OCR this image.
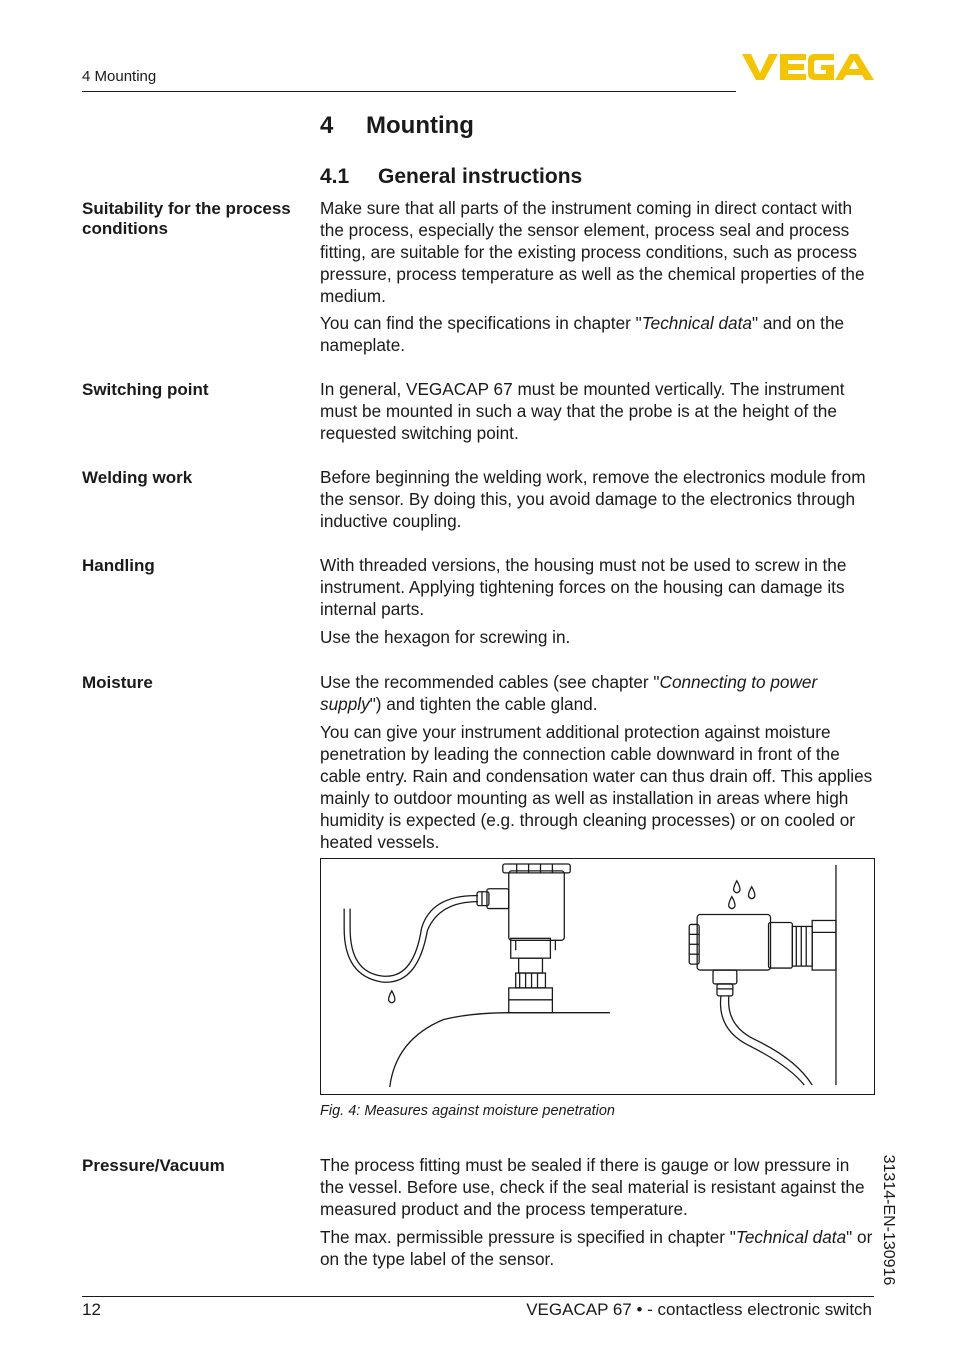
4 Mounting
4	Mounting
4.1	General instructions
Suitability for the process conditions
Make sure that all parts of the instrument coming in direct contact with the process, especially the sensor element, process seal and process fitting, are suitable for the existing process conditions, such as process pressure, process temperature as well as the chemical properties of the medium.
You can find the specifications in chapter "Technical data" and on the nameplate.
Switching point	In general, VEGACAP 67 must be mounted vertically. The instrument must be mounted in such a way that the probe is at the height of the requested switching point.
Welding work	Before beginning the welding work, remove the electronics module from the sensor. By doing this, you avoid damage to the electronics through inductive coupling.
Handling	With threaded versions, the housing must not be used to screw in the instrument. Applying tightening forces on the housing can damage its internal parts.
Use the hexagon for screwing in.
Moisture	Use the recommended cables (see chapter "Connecting to power supply") and tighten the cable gland.
You can give your instrument additional protection against moisture penetration by leading the connection cable downward in front of the cable entry. Rain and condensation water can thus drain off. This applies mainly to outdoor mounting as well as installation in areas where high humidity is expected (e.g. through cleaning processes) or on cooled or heated vessels.
Fig. 4: Measures against moisture penetration
Pressure/Vacuum	The process fitting must be sealed if there is gauge or low pressure in the vessel. Before use, check if the seal material is resistant against the measured product and the process temperature.
The max. permissible pressure is specified in chapter "Technical data" or on the type label of the sensor.	31314-EN-130916
12	VEGACAP 67 • - contactless electronic switch
